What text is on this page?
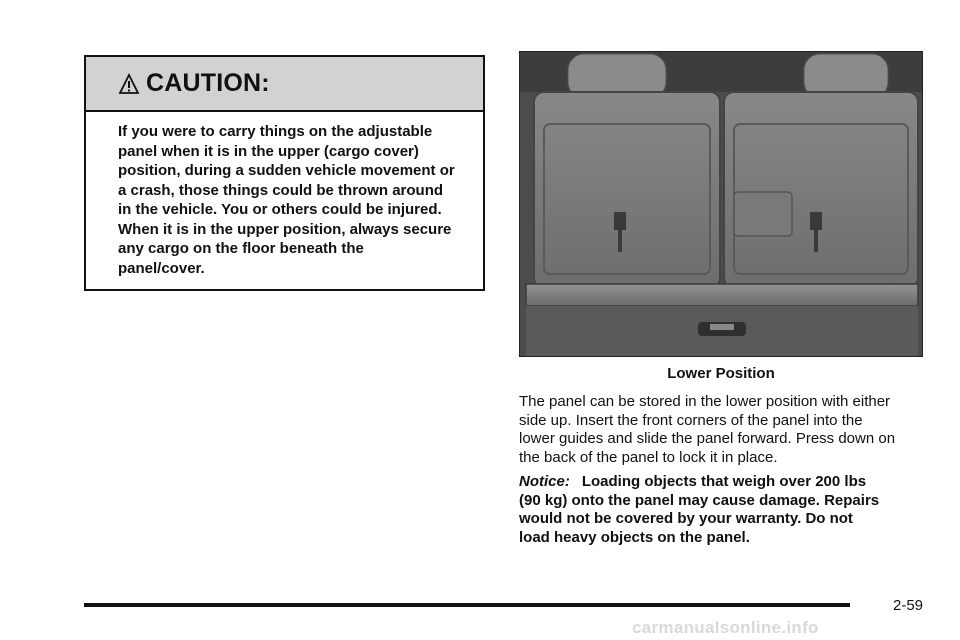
CAUTION:
If you were to carry things on the adjustable
panel when it is in the upper (cargo cover)
position, during a sudden vehicle movement or
a crash, those things could be thrown around
in the vehicle. You or others could be injured.
When it is in the upper position, always secure
any cargo on the floor beneath the
panel/cover.
Lower Position
The panel can be stored in the lower position with either
side up. Insert the front corners of the panel into the
lower guides and slide the panel forward. Press down on
the back of the panel to lock it in place.
Notice: Loading objects that weigh over 200 lbs
(90 kg) onto the panel may cause damage. Repairs
would not be covered by your warranty. Do not
load heavy objects on the panel.
2-59
carmanualsonline.info
